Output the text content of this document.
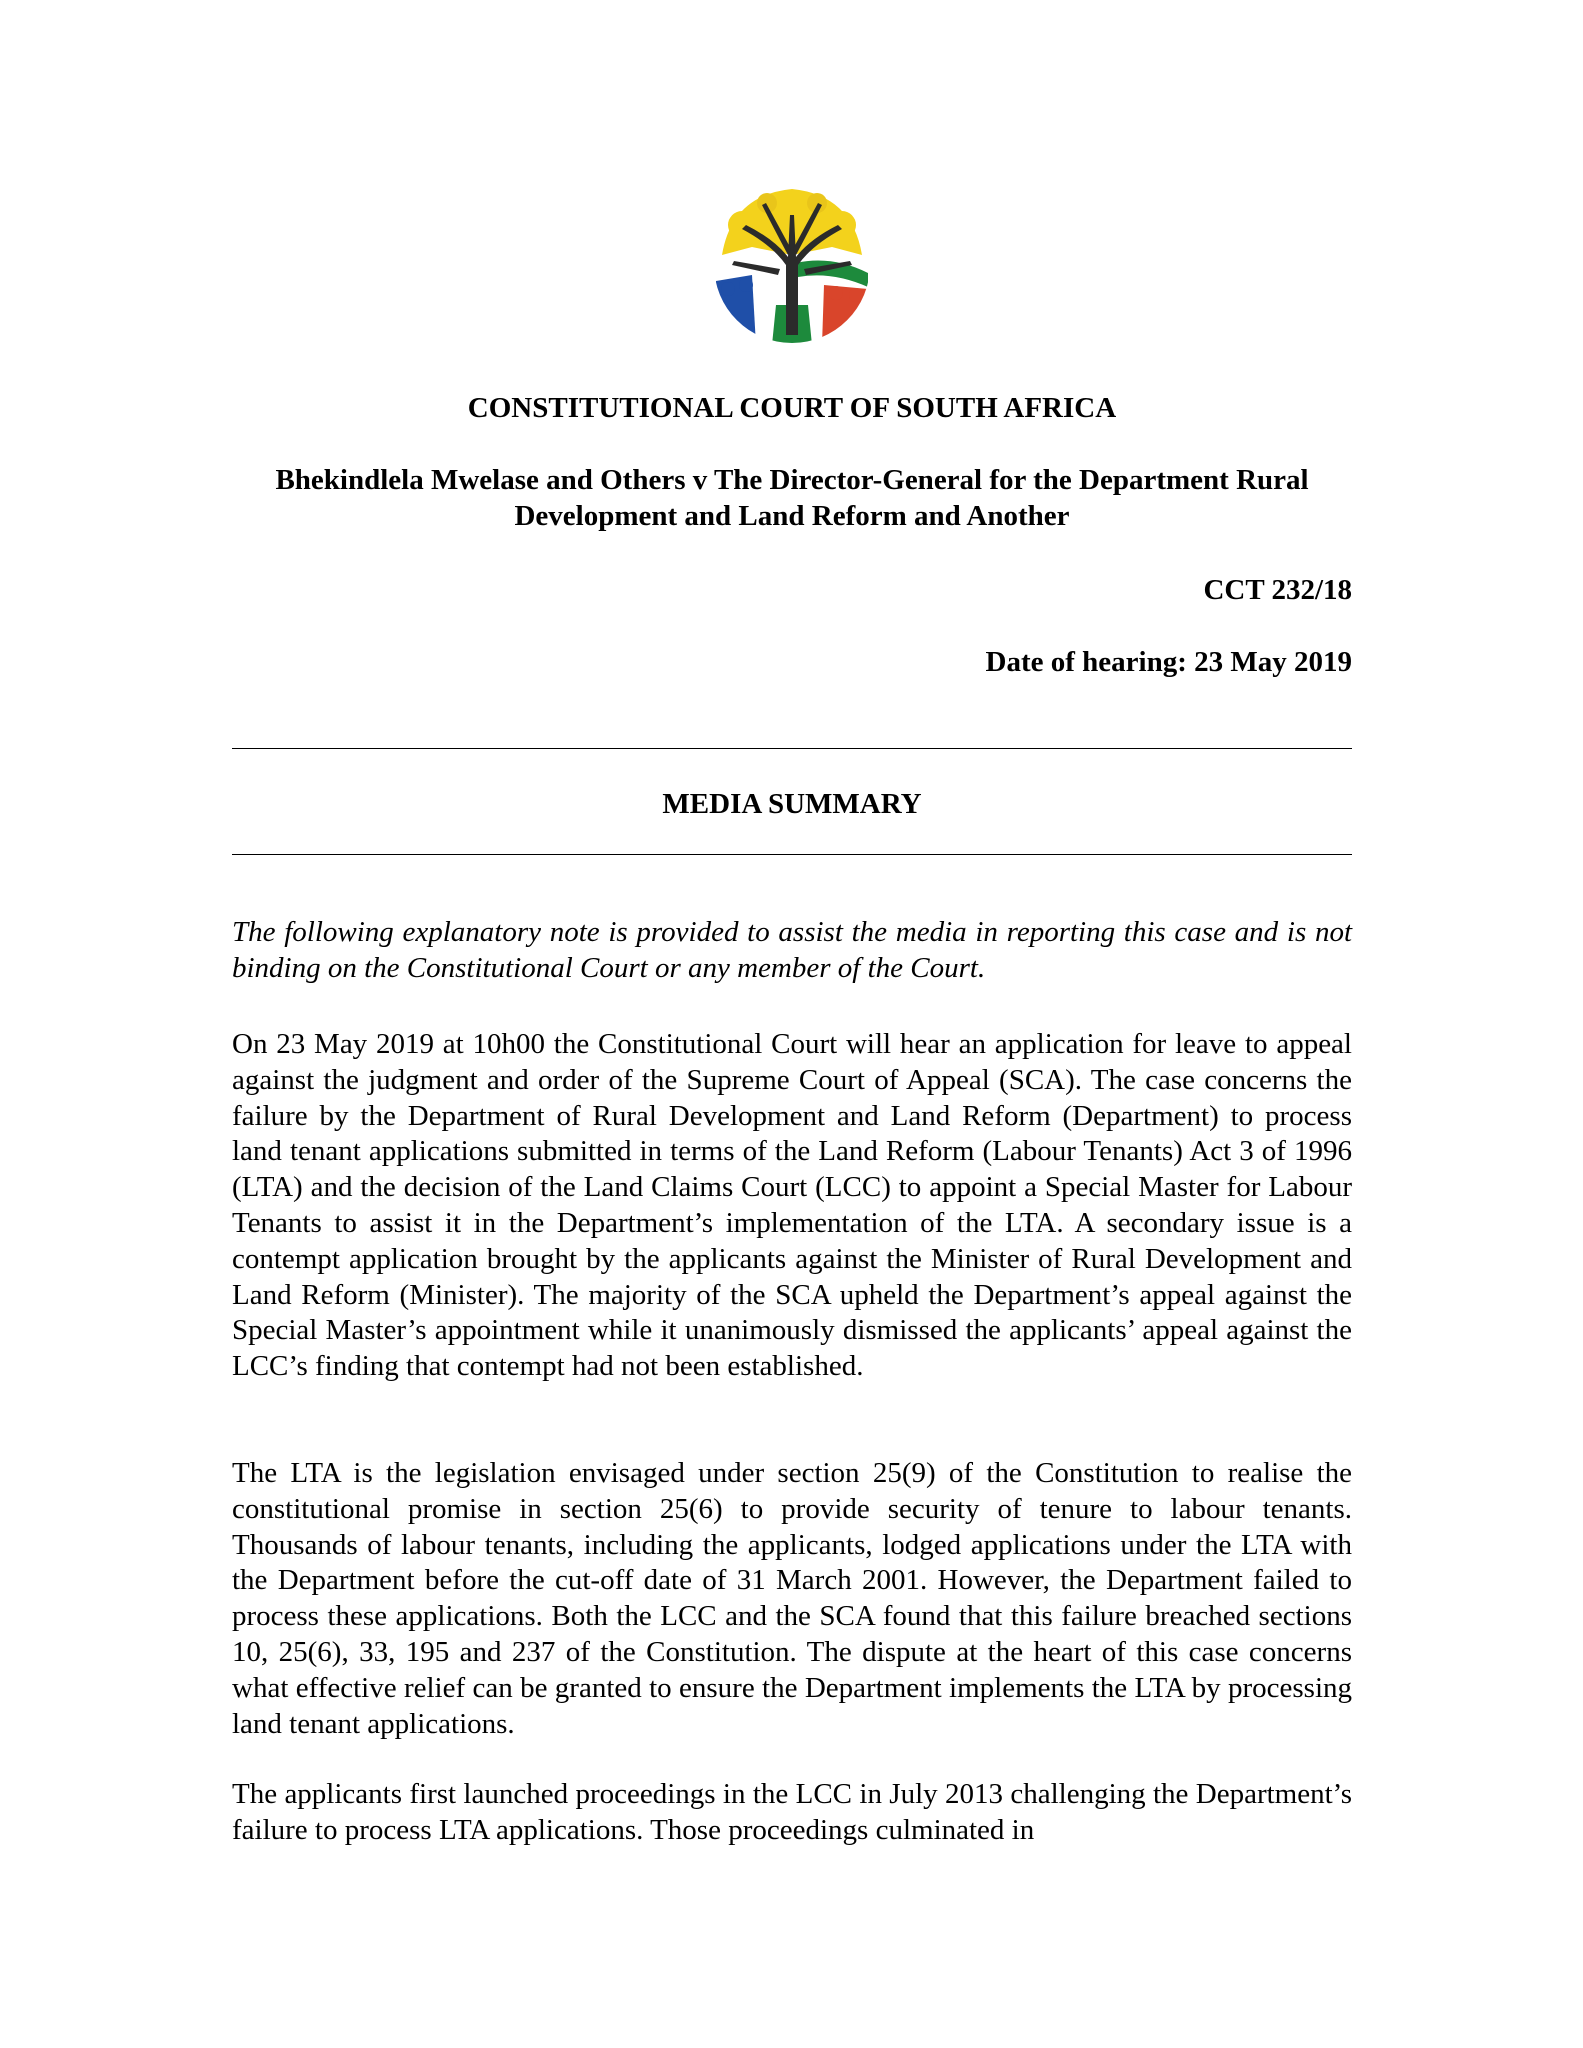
CONSTITUTIONAL COURT OF SOUTH AFRICA

Bhekindlela Mwelase and Others v The Director-General for the Department Rural Development and Land Reform and Another

CCT 232/18

Date of hearing: 23 May 2019

MEDIA SUMMARY

The following explanatory note is provided to assist the media in reporting this case and is not binding on the Constitutional Court or any member of the Court.

On 23 May 2019 at 10h00 the Constitutional Court will hear an application for leave to appeal against the judgment and order of the Supreme Court of Appeal (SCA). The case concerns the failure by the Department of Rural Development and Land Reform (Department) to process land tenant applications submitted in terms of the Land Reform (Labour Tenants) Act 3 of 1996 (LTA) and the decision of the Land Claims Court (LCC) to appoint a Special Master for Labour Tenants to assist it in the Department’s implementation of the LTA. A secondary issue is a contempt application brought by the applicants against the Minister of Rural Development and Land Reform (Minister). The majority of the SCA upheld the Department’s appeal against the Special Master’s appointment while it unanimously dismissed the applicants’ appeal against the LCC’s finding that contempt had not been established.

The LTA is the legislation envisaged under section 25(9) of the Constitution to realise the constitutional promise in section 25(6) to provide security of tenure to labour tenants. Thousands of labour tenants, including the applicants, lodged applications under the LTA with the Department before the cut-off date of 31 March 2001. However, the Department failed to process these applications. Both the LCC and the SCA found that this failure breached sections 10, 25(6), 33, 195 and 237 of the Constitution. The dispute at the heart of this case concerns what effective relief can be granted to ensure the Department implements the LTA by processing land tenant applications.

The applicants first launched proceedings in the LCC in July 2013 challenging the Department’s failure to process LTA applications. Those proceedings culminated in
